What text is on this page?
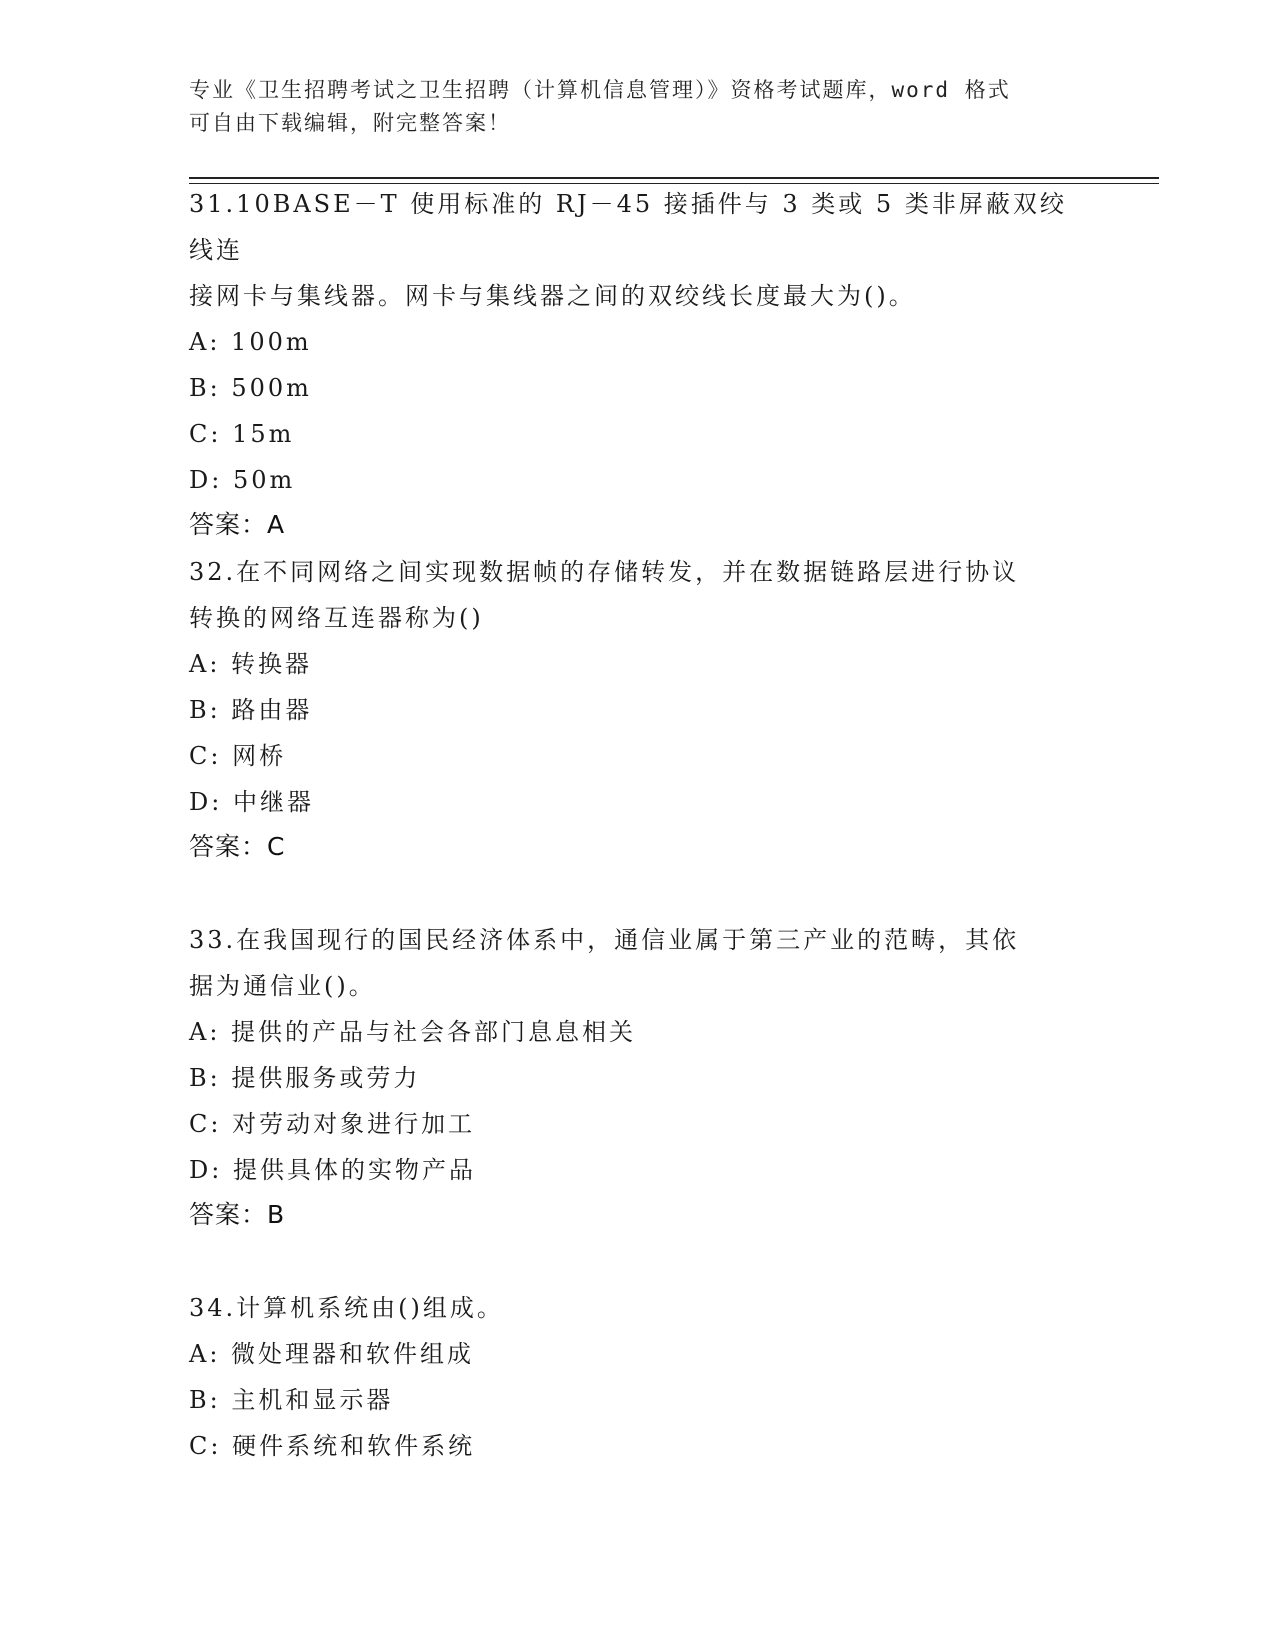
专业《卫生招聘考试之卫生招聘（计算机信息管理）》资格考试题库，word 格式
可自由下载编辑，附完整答案！
31.10BASE－T 使用标准的 RJ－45 接插件与 3 类或 5 类非屏蔽双绞线连
接网卡与集线器。网卡与集线器之间的双绞线长度最大为()。
A: 100m
B: 500m
C: 15m
D: 50m
答案：A
32.在不同网络之间实现数据帧的存储转发，并在数据链路层进行协议
转换的网络互连器称为()
A: 转换器
B: 路由器
C: 网桥
D: 中继器
答案：C
33.在我国现行的国民经济体系中，通信业属于第三产业的范畴，其依
据为通信业()。
A: 提供的产品与社会各部门息息相关
B: 提供服务或劳力
C: 对劳动对象进行加工
D: 提供具体的实物产品
答案：B
34.计算机系统由()组成。
A: 微处理器和软件组成
B: 主机和显示器
C: 硬件系统和软件系统
